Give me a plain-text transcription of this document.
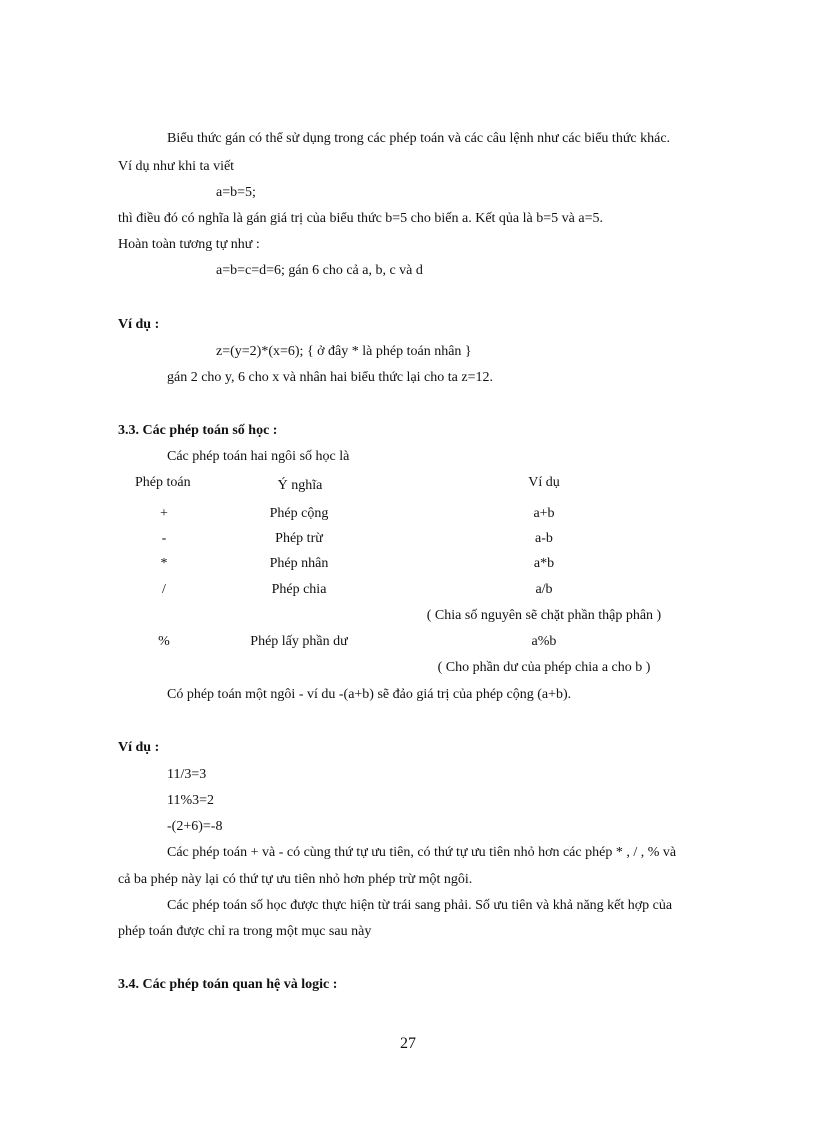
Biểu thức gán có thể sử dụng trong các phép toán và các câu lệnh như các biểu thức khác.
Ví dụ như khi ta viết
a=b=5;
thì điều đó có nghĩa là gán giá trị của biểu thức b=5 cho biến a. Kết qủa là b=5 và a=5.
Hoàn toàn tương tự như :
a=b=c=d=6; gán 6 cho cả a, b, c và d
Ví dụ :
z=(y=2)*(x=6); { ở đây * là phép toán nhân }
gán 2 cho y, 6 cho x và nhân hai biểu thức lại cho ta z=12.
3.3. Các phép toán số học :
Các phép toán hai ngôi số học là
Phép toán	Ý nghĩa	Ví dụ
+	Phép cộng	a+b
-	Phép trừ	a-b
*	Phép nhân	a*b
/	Phép chia	a/b
( Chia số nguyên sẽ chặt phần thập phân )
%	Phép lấy phần dư	a%b
( Cho phần dư của phép chia a cho b )
Có phép toán một ngôi - ví du -(a+b) sẽ đảo giá trị của phép cộng (a+b).
Ví dụ :
11/3=3
11%3=2
-(2+6)=-8
Các phép toán + và - có cùng thứ tự ưu tiên, có thứ tự ưu tiên nhỏ hơn các phép * , / , % và
cả ba phép này lại có thứ tự ưu tiên nhỏ hơn phép trừ một ngôi.
Các phép toán số học được thực hiện từ trái sang phải. Số ưu tiên và khả năng kết hợp của
phép toán được chỉ ra trong một mục sau này
3.4. Các phép toán quan hệ và logic :
27
